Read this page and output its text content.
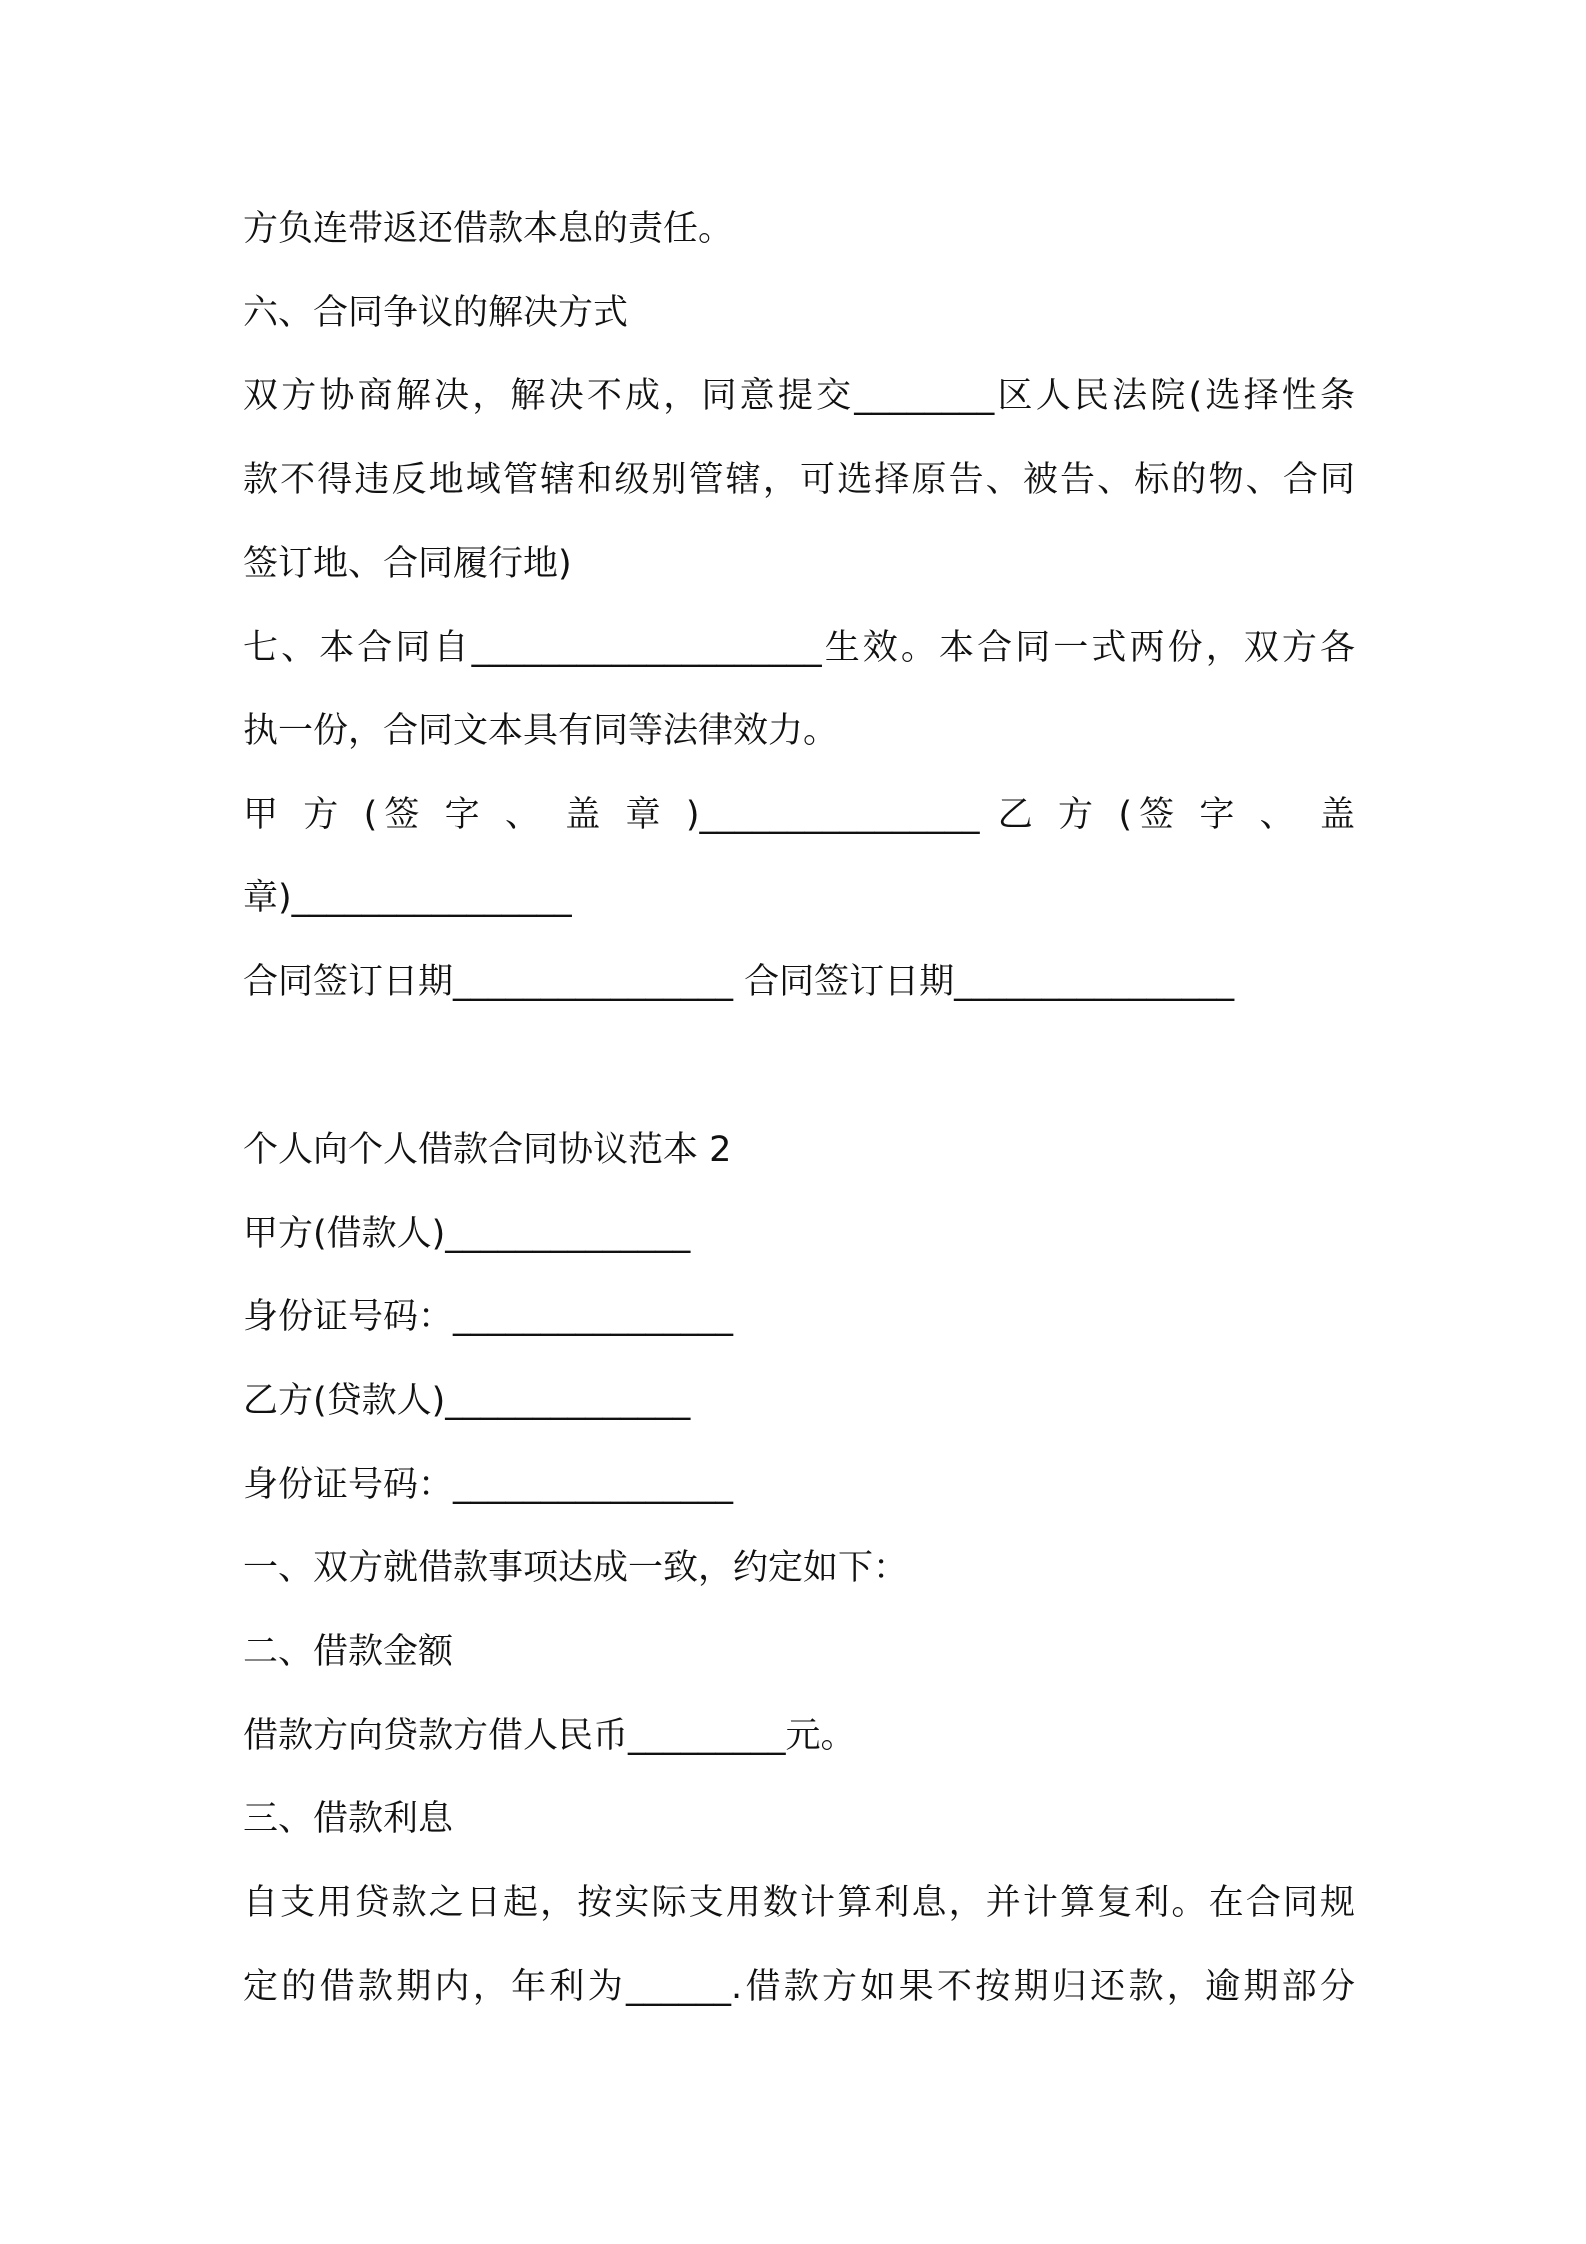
方负连带返还借款本息的责任。
六、合同争议的解决方式
双方协商解决，解决不成，同意提交________区人民法院(选择性条
款不得违反地域管辖和级别管辖，可选择原告、被告、标的物、合同
签订地、合同履行地)
七、本合同自____________________生效。本合同一式两份，双方各
执一份，合同文本具有同等法律效力。
甲 方 (签 字 、 盖 章 )________________ 乙 方 (签 字 、 盖
章)________________
合同签订日期________________ 合同签订日期________________
个人向个人借款合同协议范本 2
甲方(借款人)______________
身份证号码：________________
乙方(贷款人)______________
身份证号码：________________
一、双方就借款事项达成一致，约定如下：
二、借款金额
借款方向贷款方借人民币_________元。
三、借款利息
自支用贷款之日起，按实际支用数计算利息，并计算复利。在合同规
定的借款期内，年利为______.借款方如果不按期归还款，逾期部分
